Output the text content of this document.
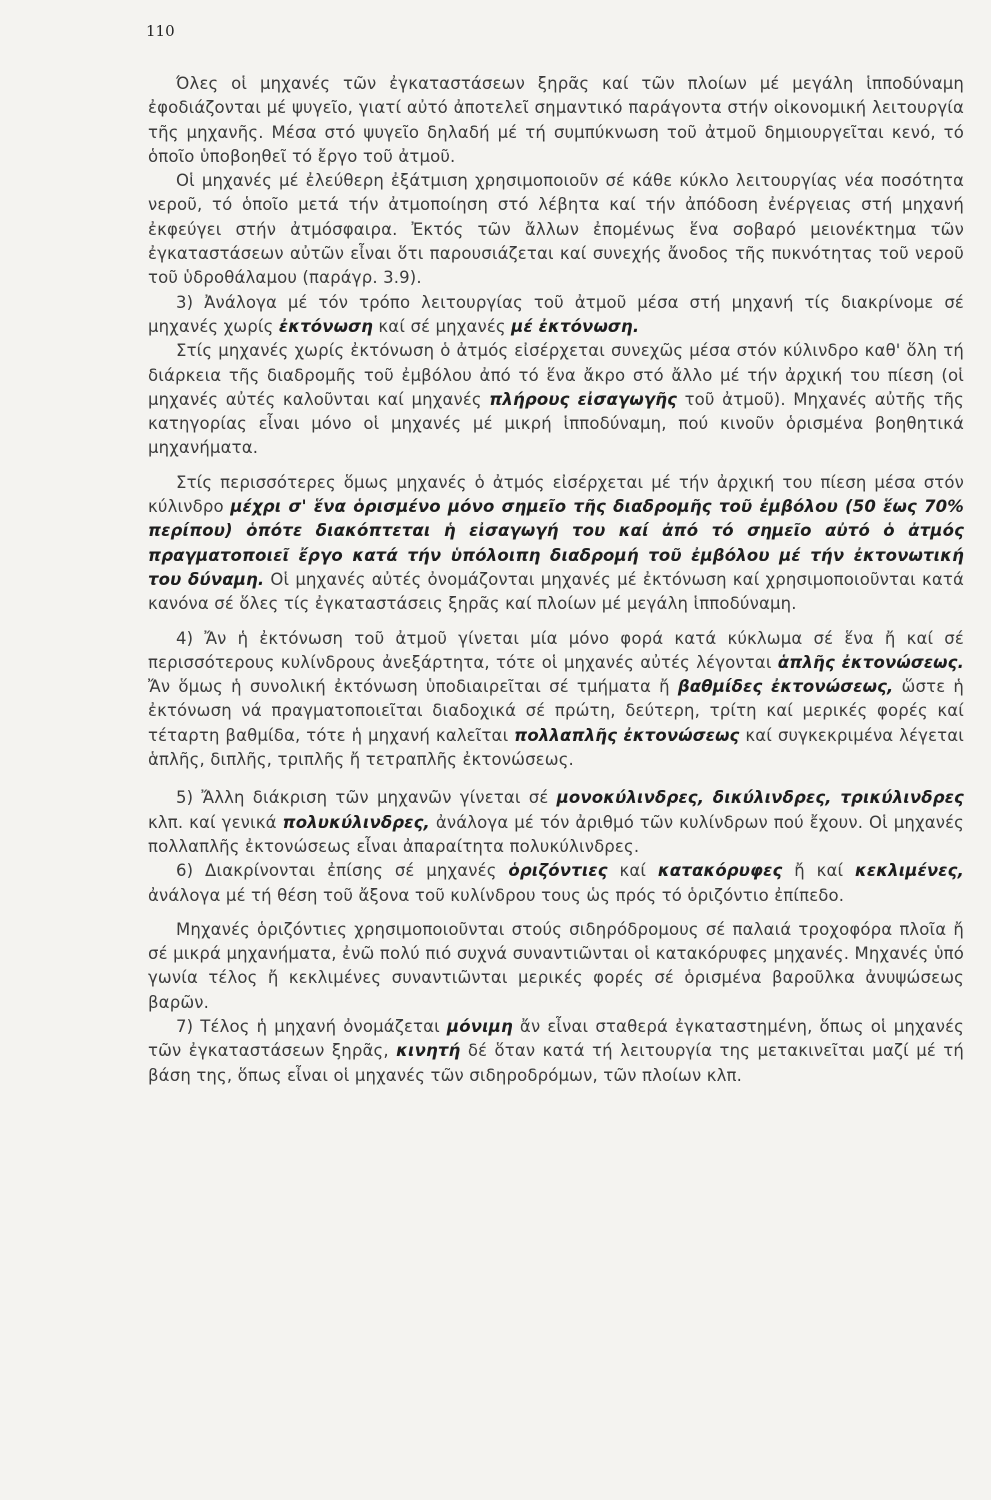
110

Όλες οἱ μηχανές τῶν ἐγκαταστάσεων ξηρᾶς καί τῶν πλοίων μέ μεγάλη ἱπποδύναμη ἐφοδιάζονται μέ ψυγεῖο, γιατί αὐτό ἀποτελεῖ σημαντικό παράγοντα στήν οἰκονομική λειτουργία τῆς μηχανῆς. Μέσα στό ψυγεῖο δηλαδή μέ τή συμπύκνωση τοῦ ἀτμοῦ δημιουργεῖται κενό, τό ὁποῖο ὑποβοηθεῖ τό ἔργο τοῦ ἀτμοῦ.

Οἱ μηχανές μέ ἐλεύθερη ἐξάτμιση χρησιμοποιοῦν σέ κάθε κύκλο λειτουργίας νέα ποσότητα νεροῦ, τό ὁποῖο μετά τήν ἀτμοποίηση στό λέβητα καί τήν ἀπόδοση ἐνέργειας στή μηχανή ἐκφεύγει στήν ἀτμόσφαιρα. Ἐκτός τῶν ἄλλων ἐπομένως ἕνα σοβαρό μειονέκτημα τῶν ἐγκαταστάσεων αὐτῶν εἶναι ὅτι παρουσιάζεται καί συνεχής ἄνοδος τῆς πυκνότητας τοῦ νεροῦ τοῦ ὑδροθάλαμου (παράγρ. 3.9).

3) Ἀνάλογα μέ τόν τρόπο λειτουργίας τοῦ ἀτμοῦ μέσα στή μηχανή τίς διακρίνομε σέ μηχανές χωρίς ἐκτόνωση καί σέ μηχανές μέ ἐκτόνωση.

Στίς μηχανές χωρίς ἐκτόνωση ὁ ἀτμός εἰσέρχεται συνεχῶς μέσα στόν κύλινδρο καθ' ὅλη τή διάρκεια τῆς διαδρομῆς τοῦ ἐμβόλου ἀπό τό ἕνα ἄκρο στό ἄλλο μέ τήν ἀρχική του πίεση (οἱ μηχανές αὐτές καλοῦνται καί μηχανές πλήρους εἰσαγωγῆς τοῦ ἀτμοῦ). Μηχανές αὐτῆς τῆς κατηγορίας εἶναι μόνο οἱ μηχανές μέ μικρή ἱπποδύναμη, πού κινοῦν ὁρισμένα βοηθητικά μηχανήματα.

Στίς περισσότερες ὅμως μηχανές ὁ ἀτμός εἰσέρχεται μέ τήν ἀρχική του πίεση μέσα στόν κύλινδρο μέχρι σ' ἕνα ὁρισμένο μόνο σημεῖο τῆς διαδρομῆς τοῦ ἐμβόλου (50 ἕως 70% περίπου) ὁπότε διακόπτεται ἡ εἰσαγωγή του καί ἀπό τό σημεῖο αὐτό ὁ ἀτμός πραγματοποιεῖ ἔργο κατά τήν ὑπόλοιπη διαδρομή τοῦ ἐμβόλου μέ τήν ἐκτονωτική του δύναμη. Οἱ μηχανές αὐτές ὀνομάζονται μηχανές μέ ἐκτόνωση καί χρησιμοποιοῦνται κατά κανόνα σέ ὅλες τίς ἐγκαταστάσεις ξηρᾶς καί πλοίων μέ μεγάλη ἱπποδύναμη.

4) Ἄν ἡ ἐκτόνωση τοῦ ἀτμοῦ γίνεται μία μόνο φορά κατά κύκλωμα σέ ἕνα ἤ καί σέ περισσότερους κυλίνδρους ἀνεξάρτητα, τότε οἱ μηχανές αὐτές λέγονται ἁπλῆς ἐκτονώσεως. Ἄν ὅμως ἡ συνολική ἐκτόνωση ὑποδιαιρεῖται σέ τμήματα ἤ βαθμίδες ἐκτονώσεως, ὥστε ἡ ἐκτόνωση νά πραγματοποιεῖται διαδοχικά σέ πρώτη, δεύτερη, τρίτη καί μερικές φορές καί τέταρτη βαθμίδα, τότε ἡ μηχανή καλεῖται πολλαπλῆς ἐκτονώσεως καί συγκεκριμένα λέγεται ἁπλῆς, διπλῆς, τριπλῆς ἤ τετραπλῆς ἐκτονώσεως.

5) Ἄλλη διάκριση τῶν μηχανῶν γίνεται σέ μονοκύλινδρες, δικύλινδρες, τρικύλινδρες κλπ. καί γενικά πολυκύλινδρες, ἀνάλογα μέ τόν ἀριθμό τῶν κυλίνδρων πού ἔχουν. Οἱ μηχανές πολλαπλῆς ἐκτονώσεως εἶναι ἀπαραίτητα πολυκύλινδρες.

6) Διακρίνονται ἐπίσης σέ μηχανές ὁριζόντιες καί κατακόρυφες ἤ καί κεκλιμένες, ἀνάλογα μέ τή θέση τοῦ ἄξονα τοῦ κυλίνδρου τους ὡς πρός τό ὁριζόντιο ἐπίπεδο.

Μηχανές ὁριζόντιες χρησιμοποιοῦνται στούς σιδηρόδρομους σέ παλαιά τροχοφόρα πλοῖα ἤ σέ μικρά μηχανήματα, ἐνῶ πολύ πιό συχνά συναντιῶνται οἱ κατακόρυφες μηχανές. Μηχανές ὑπό γωνία τέλος ἤ κεκλιμένες συναντιῶνται μερικές φορές σέ ὁρισμένα βαροῦλκα ἀνυψώσεως βαρῶν.

7) Τέλος ἡ μηχανή ὀνομάζεται μόνιμη ἄν εἶναι σταθερά ἐγκαταστημένη, ὅπως οἱ μηχανές τῶν ἐγκαταστάσεων ξηρᾶς, κινητή δέ ὅταν κατά τή λειτουργία της μετακινεῖται μαζί μέ τή βάση της, ὅπως εἶναι οἱ μηχανές τῶν σιδηροδρόμων, τῶν πλοίων κλπ.
